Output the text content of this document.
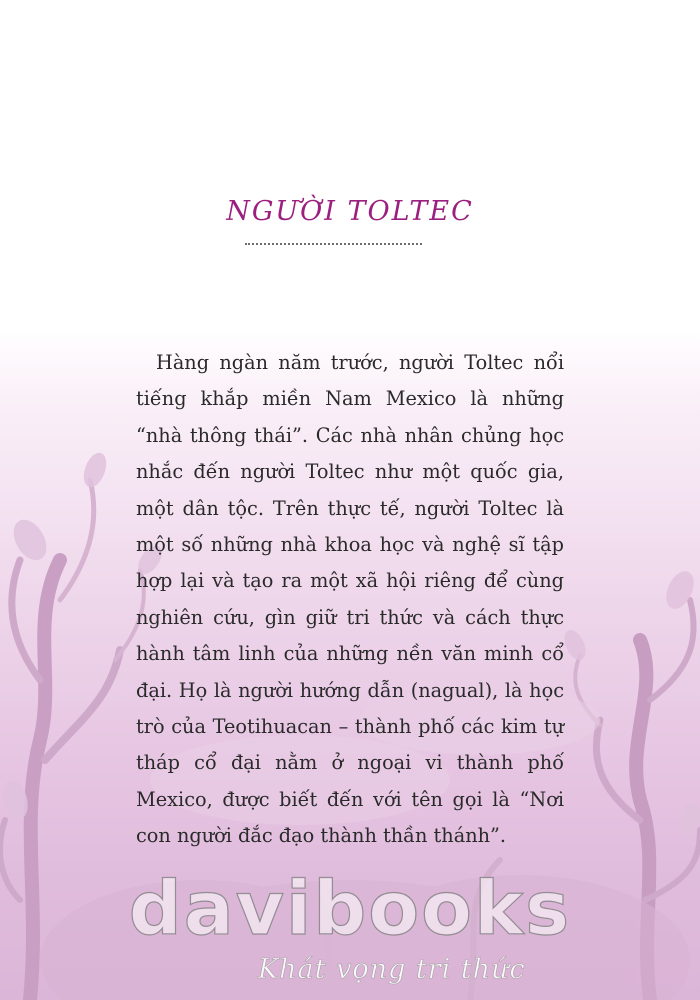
NGƯỜI TOLTEC

Hàng ngàn năm trước, người Toltec nổi tiếng khắp miền Nam Mexico là những “nhà thông thái”. Các nhà nhân chủng học nhắc đến người Toltec như một quốc gia, một dân tộc. Trên thực tế, người Toltec là một số những nhà khoa học và nghệ sĩ tập hợp lại và tạo ra một xã hội riêng để cùng nghiên cứu, gìn giữ tri thức và cách thực hành tâm linh của những nền văn minh cổ đại. Họ là người hướng dẫn (nagual), là học trò của Teotihuacan – thành phố các kim tự tháp cổ đại nằm ở ngoại vi thành phố Mexico, được biết đến với tên gọi là “Nơi con người đắc đạo thành thần thánh”.

davibooks
Khát vọng tri thức
